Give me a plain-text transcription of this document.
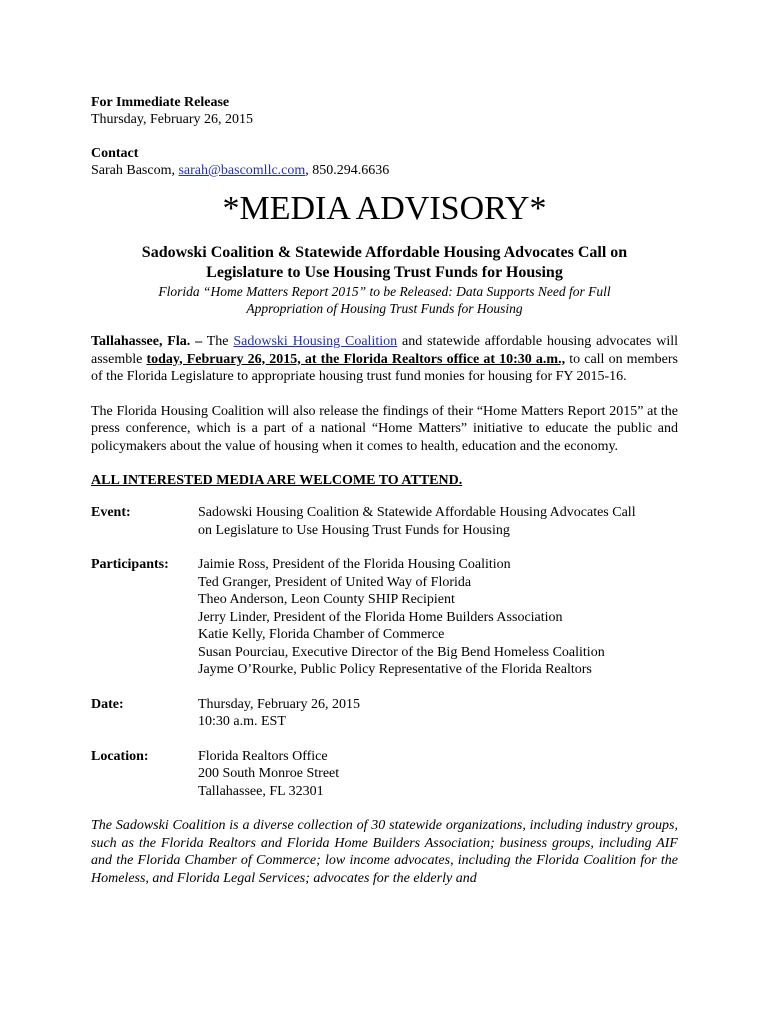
For Immediate Release
Thursday, February 26, 2015
Contact
Sarah Bascom, sarah@bascomllc.com, 850.294.6636
*MEDIA ADVISORY*
Sadowski Coalition & Statewide Affordable Housing Advocates Call on
Legislature to Use Housing Trust Funds for Housing
Florida “Home Matters Report 2015” to be Released: Data Supports Need for Full
Appropriation of Housing Trust Funds for Housing

Tallahassee, Fla. – The Sadowski Housing Coalition and statewide affordable housing advocates will assemble today, February 26, 2015, at the Florida Realtors office at 10:30 a.m., to call on members of the Florida Legislature to appropriate housing trust fund monies for housing for FY 2015-16.

The Florida Housing Coalition will also release the findings of their “Home Matters Report 2015” at the press conference, which is a part of a national “Home Matters” initiative to educate the public and policymakers about the value of housing when it comes to health, education and the economy.

ALL INTERESTED MEDIA ARE WELCOME TO ATTEND.
Event:	Sadowski Housing Coalition & Statewide Affordable Housing Advocates Call
on Legislature to Use Housing Trust Funds for Housing
Participants:	Jaimie Ross, President of the Florida Housing Coalition
Ted Granger, President of United Way of Florida
Theo Anderson, Leon County SHIP Recipient
Jerry Linder, President of the Florida Home Builders Association
Katie Kelly, Florida Chamber of Commerce
Susan Pourciau, Executive Director of the Big Bend Homeless Coalition
Jayme O’Rourke, Public Policy Representative of the Florida Realtors
Date:	Thursday, February 26, 2015
10:30 a.m. EST
Location:	Florida Realtors Office
200 South Monroe Street
Tallahassee, FL 32301

The Sadowski Coalition is a diverse collection of 30 statewide organizations, including industry groups, such as the Florida Realtors and Florida Home Builders Association; business groups, including AIF and the Florida Chamber of Commerce; low income advocates, including the Florida Coalition for the Homeless, and Florida Legal Services; advocates for the elderly and
